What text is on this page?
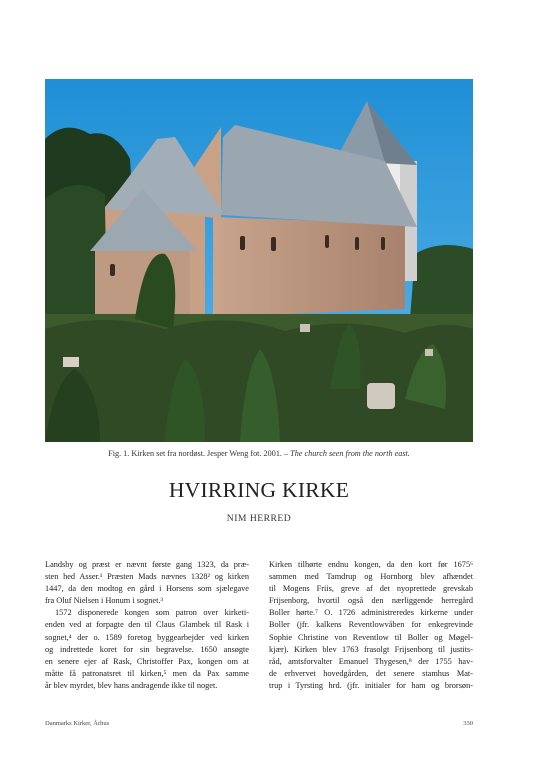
Fig. 1. Kirken set fra nordøst. Jesper Weng fot. 2001. – The church seen from the north east.
HVIRRING KIRKE
NIM HERRED
Landsby og præst er nævnt første gang 1323, da præ-
sten hed Asser.¹ Præsten Mads nævnes 1328² og kirken
1447, da den modtog en gård i Horsens som sjælegave
fra Oluf Nielsen i Honum i sognet.³
1572 disponerede kongen som patron over kirketi-
enden ved at forpagte den til Claus Glambek til Rask i
sognet,⁴ der o. 1589 foretog byggearbejder ved kirken
og indrettede koret for sin begravelse. 1650 ansøgte
en senere ejer af Rask, Christoffer Pax, kongen om at
måtte få patronatsret til kirken,⁵ men da Pax samme
år blev myrdet, blev hans andragende ikke til noget.
Kirken tilhørte endnu kongen, da den kort før 1675⁶
sammen med Tamdrup og Hornborg blev afhændet
til Mogens Friis, greve af det nyoprettede grevskab
Frijsenborg, hvortil også den nærliggende herregård
Boller hørte.⁷ O. 1726 administreredes kirkerne under
Boller (jfr. kalkens Reventlowvåben for enkegrevinde
Sophie Christine von Reventlow til Boller og Møgel-
kjær). Kirken blev 1763 frasolgt Frijsenborg til justits-
råd, amtsforvalter Emanuel Thygesen,⁸ der 1755 hav-
de erhvervet hovedgården, det senere stamhus Mat-
trup i Tyrsting hrd. (jfr. initialer for ham og brorsøn-
Danmarks Kirker, Århus	330
